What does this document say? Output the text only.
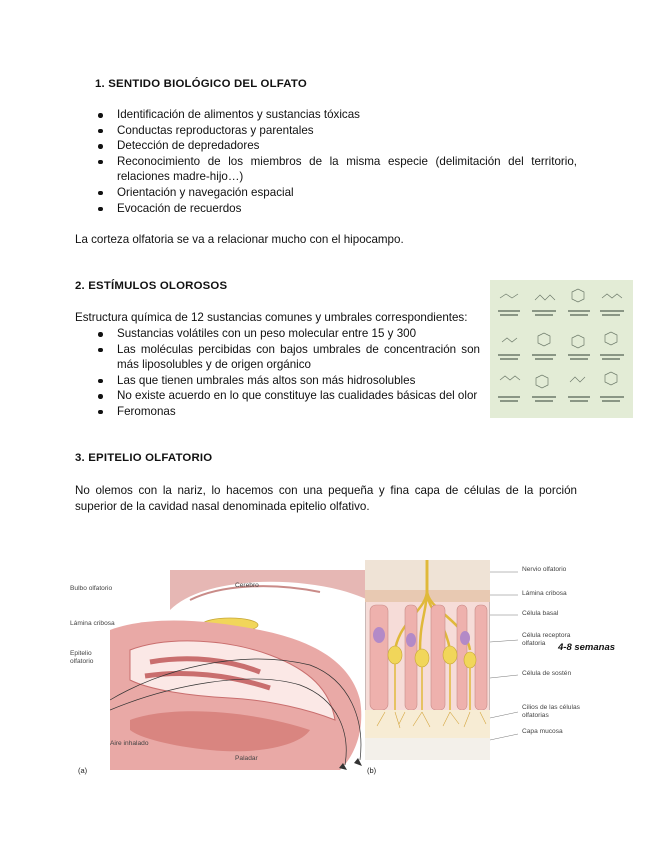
1. SENTIDO BIOLÓGICO DEL OLFATO
Identificación de alimentos y sustancias tóxicas
Conductas reproductoras y parentales
Detección de depredadores
Reconocimiento de los miembros de la misma especie (delimitación del territorio, relaciones madre-hijo…)
Orientación y navegación espacial
Evocación de recuerdos
La corteza olfatoria se va a relacionar mucho con el hipocampo.
2. ESTÍMULOS OLOROSOS
Estructura química de 12 sustancias comunes y umbrales correspondientes:
Sustancias volátiles con un peso molecular entre 15 y 300
Las moléculas percibidas con bajos umbrales de concentración son más liposolubles y de origen orgánico
Las que tienen umbrales más altos son más hidrosolubles
No existe acuerdo en lo que constituye las cualidades básicas del olor
Feromonas
3. EPITELIO OLFATORIO
No olemos con la nariz, lo hacemos con una pequeña y fina capa de células de la porción superior de la cavidad nasal denominada epitelio olfativo.
Bulbo olfatorio
Lámina cribosa
Epitelio olfatorio
Cerebro
Aire inhalado
Paladar
(a)
Nervio olfatorio
Lámina cribosa
Célula basal
Célula receptora olfatoria
Célula de sostén
Cilios de las células olfatorias
Capa mucosa
(b)
4-8 semanas
